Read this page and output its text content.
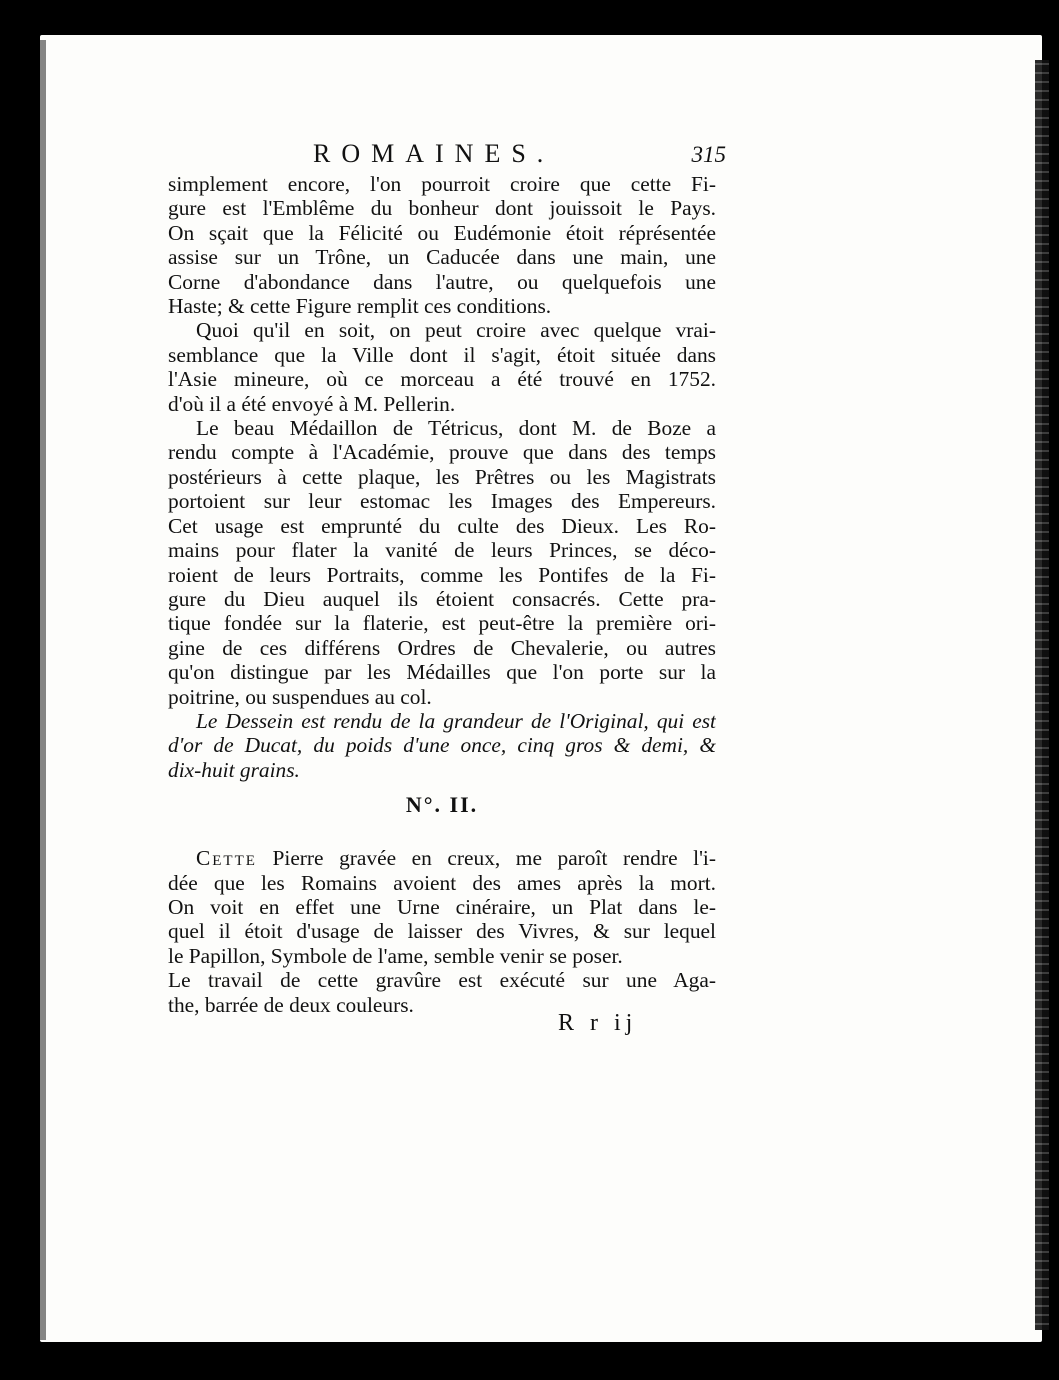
ROMAINES.	315

simplement encore, l'on pourroit croire que cette Fi-

gure est l'Emblême du bonheur dont jouissoit le Pays.

On sçait que la Félicité ou Eudémonie étoit réprésentée

assise sur un Trône, un Caducée dans une main, une

Corne d'abondance dans l'autre, ou quelquefois une

Haste; & cette Figure remplit ces conditions.

Quoi qu'il en soit, on peut croire avec quelque vrai-

semblance que la Ville dont il s'agit, étoit située dans

l'Asie mineure, où ce morceau a été trouvé en 1752.

d'où il a été envoyé à M. Pellerin.

Le beau Médaillon de Tétricus, dont M. de Boze a

rendu compte à l'Académie, prouve que dans des temps

postérieurs à cette plaque, les Prêtres ou les Magistrats

portoient sur leur estomac les Images des Empereurs.

Cet usage est emprunté du culte des Dieux. Les Ro-

mains pour flater la vanité de leurs Princes, se déco-

roient de leurs Portraits, comme les Pontifes de la Fi-

gure du Dieu auquel ils étoient consacrés. Cette pra-

tique fondée sur la flaterie, est peut-être la première ori-

gine de ces différens Ordres de Chevalerie, ou autres

qu'on distingue par les Médailles que l'on porte sur la

poitrine, ou suspendues au col.

Le Dessein est rendu de la grandeur de l'Original, qui est

d'or de Ducat, du poids d'une once, cinq gros & demi, &

dix-huit grains.

N°. II.

Cette Pierre gravée en creux, me paroît rendre l'i-

dée que les Romains avoient des ames après la mort.

On voit en effet une Urne cinéraire, un Plat dans le-

quel il étoit d'usage de laisser des Vivres, & sur lequel

le Papillon, Symbole de l'ame, semble venir se poser.

Le travail de cette gravûre est exécuté sur une Aga-

the, barrée de deux couleurs.

R r ij
